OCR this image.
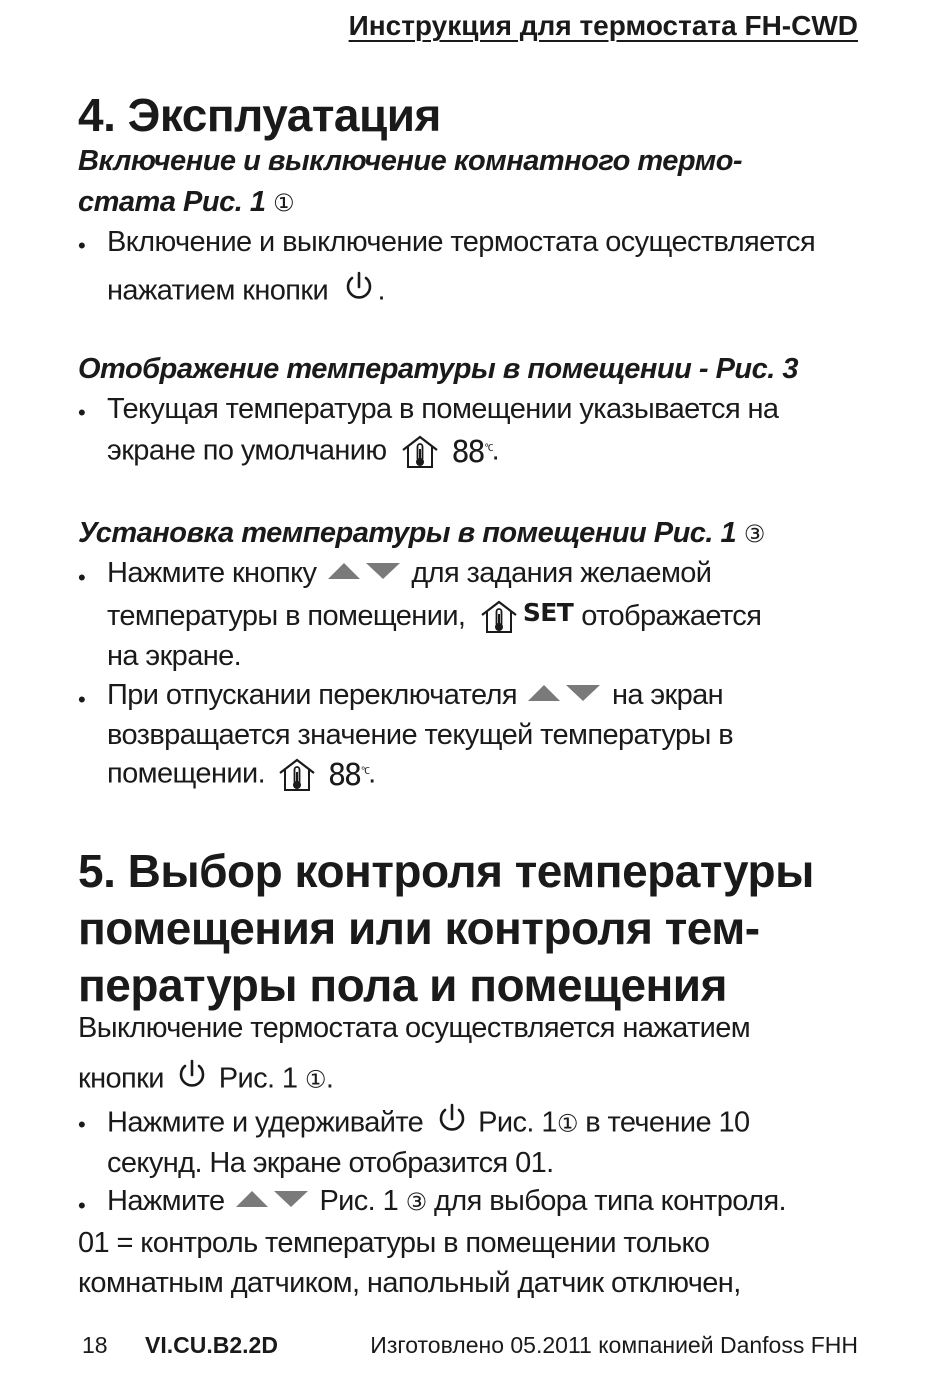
Инструкция для термостата FH-CWD
4. Эксплуатация
Включение и выключение комнатного термо-
стата Рис. 1 ①
• Включение и выключение термостата осуществляется
нажатием кнопки .
Отображение температуры в помещении - Рис. 3
• Текущая температура в помещении указывается на
экране по умолчанию $88^{^\circ C}$.
Установка температуры в помещении Рис. 1 ③
• Нажмите кнопку	для задания желаемой
температуры в помещении, SET отображается
на экране.
• При отпускании переключателя	на экран
возвращается значение текущей температуры в
помещении. $88^{^\circ C}$.
5. Выбор контроля температуры
помещения или контроля тем-
пературы пола и помещения
Выключение термостата осуществляется нажатием
кнопки Рис. 1 ①.
• Нажмите и удерживайте Рис. 1① в течение 10
секунд. На экране отобразится 01.
• Нажмите	Рис. 1 ③ для выбора типа контроля.
01 = контроль температуры в помещении только
комнатным датчиком, напольный датчик отключен,
18 VI.CU.B2.2D	Изготовлено 05.2011 компанией Danfoss FHH
